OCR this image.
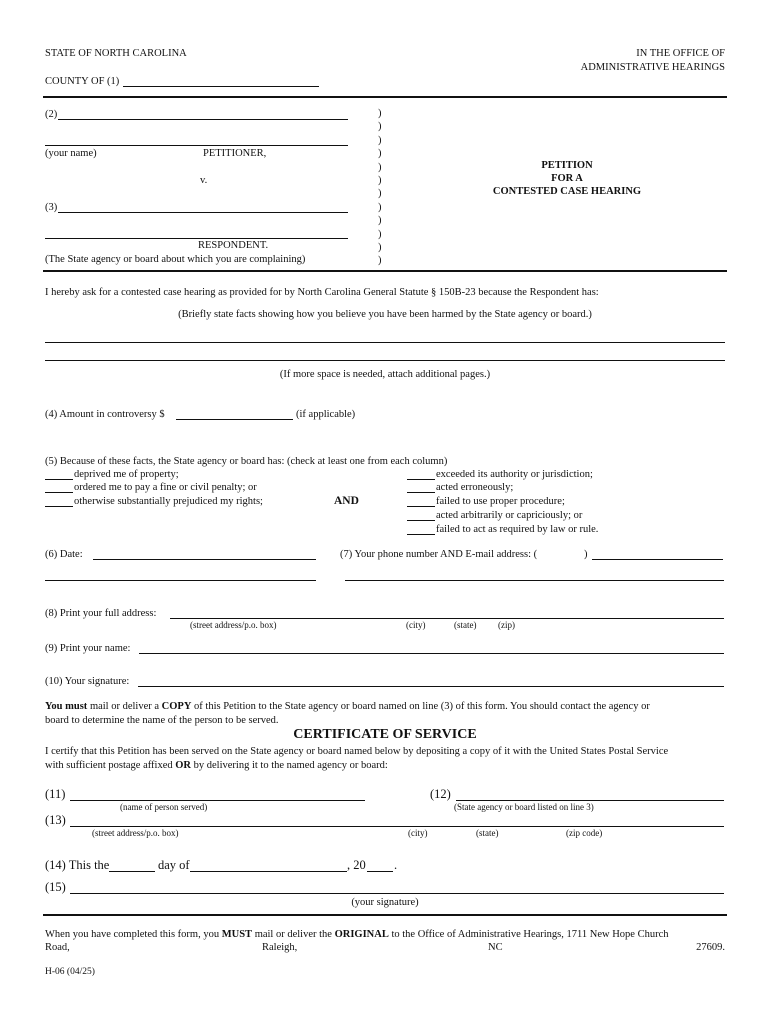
STATE OF NORTH CAROLINA	IN THE OFFICE OF
ADMINISTRATIVE HEARINGS
COUNTY OF (1)
(2)
(your name)	PETITIONER,
v.
(3)
RESPONDENT.
(The State agency or board about which you are complaining)
)
)
)
)
)
)
)
)
)
)
)
)
PETITION
FOR A
CONTESTED CASE HEARING
I hereby ask for a contested case hearing as provided for by North Carolina General Statute § 150B-23 because the Respondent has:
(Briefly state facts showing how you believe you have been harmed by the State agency or board.)
(If more space is needed, attach additional pages.)
(4) Amount in controversy $	(if applicable)
(5) Because of these facts, the State agency or board has: (check at least one from each column)
deprived me of property;
ordered me to pay a fine or civil penalty; or
otherwise substantially prejudiced my rights;	AND
exceeded its authority or jurisdiction;
acted erroneously;
failed to use proper procedure;
acted arbitrarily or capriciously; or
failed to act as required by law or rule.
(6) Date:	(7) Your phone number AND E-mail address: (	)
(8) Print your full address:
(street address/p.o. box)	(city)	(state) (zip)
(9) Print your name:
(10) Your signature:
You must mail or deliver a COPY of this Petition to the State agency or board named on line (3) of this form. You should contact the agency or
board to determine the name of the person to be served.
CERTIFICATE OF SERVICE
I certify that this Petition has been served on the State agency or board named below by depositing a copy of it with the United States Postal Service
with sufficient postage affixed OR by delivering it to the named agency or board:
(11)
(name of person served)
(12)
(State agency or board listed on line 3)
(13)
(street address/p.o. box)	(city)	(state)	(zip code)
(14) This the	day of	, 20 .
(15)
(your signature)
When you have completed this form, you MUST mail or deliver the ORIGINAL to the Office of Administrative Hearings, 1711 New Hope Church
Road,	Raleigh,	NC	27609.
H-06 (04/25)
